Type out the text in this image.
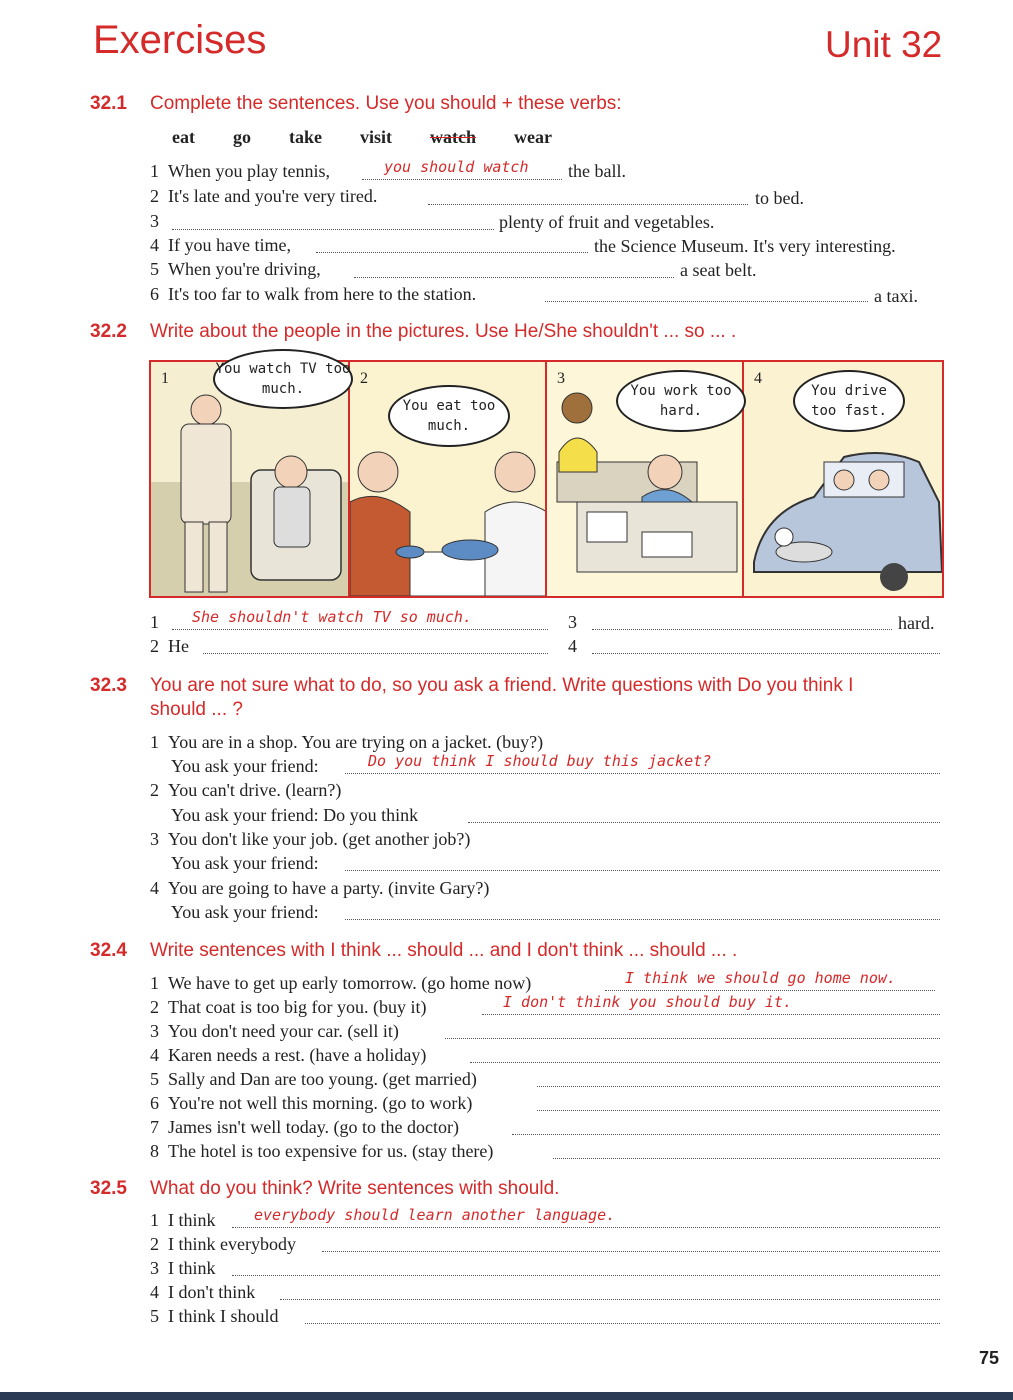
Exercises	Unit 32
32.1 Complete the sentences. Use you should + these verbs:
eat go take visit watch wear
1 When you play tennis,	you should watch the ball.
2 It's late and you're very tired.	to bed.
3	plenty of fruit and vegetables.
4 If you have time,	the Science Museum. It's very interesting.
5 When you're driving,	a seat belt.
6 It's too far to walk from here to the station.	a taxi.
32.2 Write about the people in the pictures. Use He/She shouldn't ... so ... .
1	2	3	4
You watch TV too much.
You eat too much.
You work too hard.
You drive too fast.
1 She shouldn't watch TV so much.	3	hard.
2 He	4
32.3 You are not sure what to do, so you ask a friend. Write questions with Do you think I
should ... ?
1 You are in a shop. You are trying on a jacket. (buy?)
You ask your friend:	Do you think I should buy this jacket?
2 You can't drive. (learn?)
You ask your friend: Do you think
3 You don't like your job. (get another job?)
You ask your friend:
4 You are going to have a party. (invite Gary?)
You ask your friend:
32.4 Write sentences with I think ... should ... and I don't think ... should ... .
1 We have to get up early tomorrow. (go home now)	I think we should go home now.
2 That coat is too big for you. (buy it)	I don't think you should buy it.
3 You don't need your car. (sell it)
4 Karen needs a rest. (have a holiday)
5 Sally and Dan are too young. (get married)
6 You're not well this morning. (go to work)
7 James isn't well today. (go to the doctor)
8 The hotel is too expensive for us. (stay there)
32.5 What do you think? Write sentences with should.
1 I think	everybody should learn another language.
2 I think everybody
3 I think
4 I don't think
5 I think I should
75
